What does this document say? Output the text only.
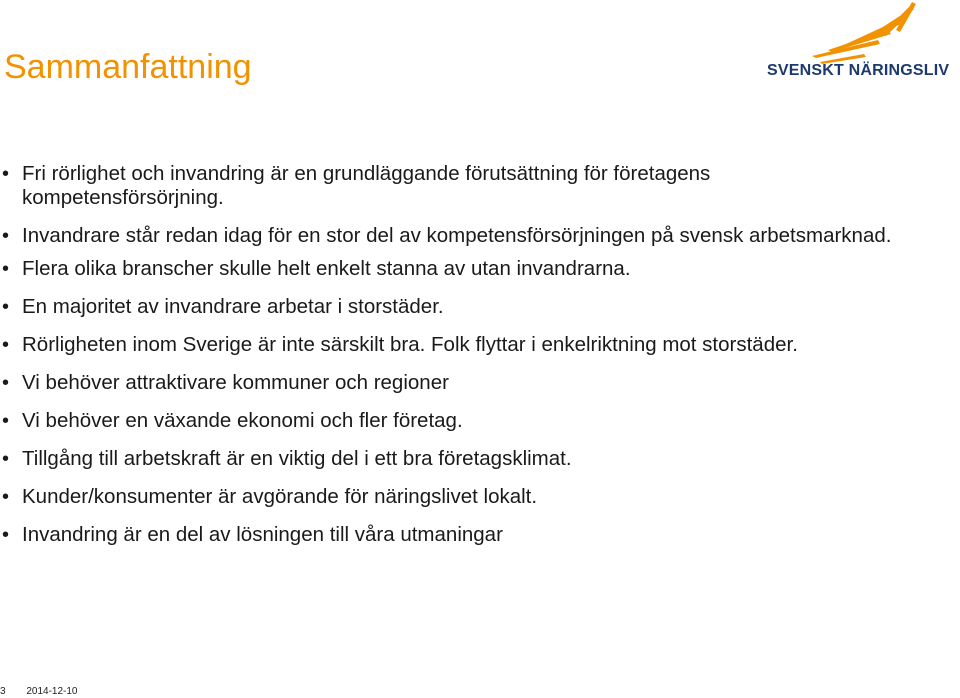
Sammanfattning	SVENSKT NÄRINGSLIV
• Fri rörlighet och invandring är en grundläggande förutsättning för företagens kompetensförsörjning.
• Invandrare står redan idag för en stor del av kompetensförsörjningen på svensk arbetsmarknad.
• Flera olika branscher skulle helt enkelt stanna av utan invandrarna.
• En majoritet av invandrare arbetar i storstäder.
• Rörligheten inom Sverige är inte särskilt bra. Folk flyttar i enkelriktning mot storstäder.
• Vi behöver attraktivare kommuner och regioner
• Vi behöver en växande ekonomi och fler företag.
• Tillgång till arbetskraft är en viktig del i ett bra företagsklimat.
• Kunder/konsumenter är avgörande för näringslivet lokalt.
• Invandring är en del av lösningen till våra utmaningar
3 2014-12-10
